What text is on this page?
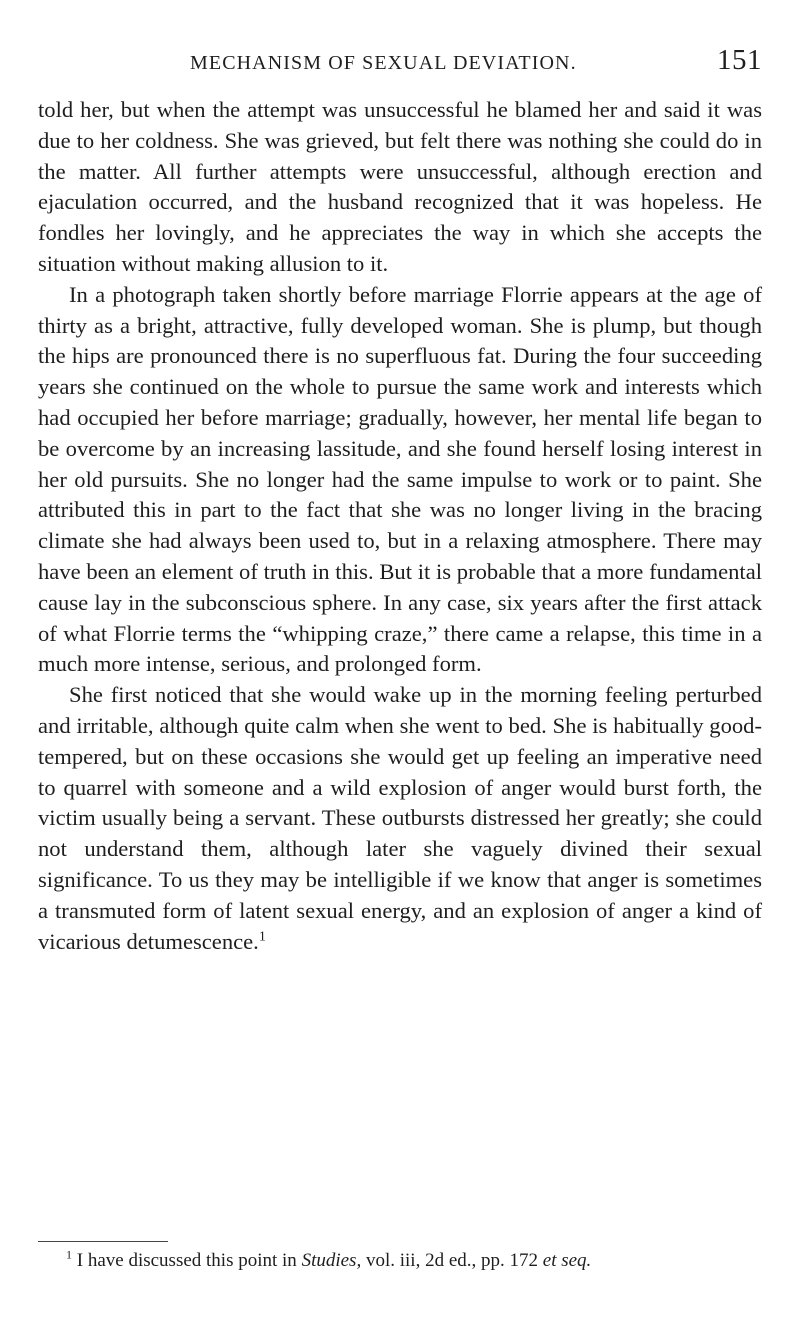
MECHANISM OF SEXUAL DEVIATION.	151

told her, but when the attempt was unsuccessful he blamed her and said it was due to her coldness. She was grieved, but felt there was nothing she could do in the matter. All further attempts were unsuccessful, although erection and ejaculation occurred, and the husband recognized that it was hopeless. He fondles her lovingly, and he appreciates the way in which she accepts the situation without making allusion to it.

In a photograph taken shortly before marriage Florrie appears at the age of thirty as a bright, attractive, fully developed woman. She is plump, but though the hips are pronounced there is no superfluous fat. During the four succeeding years she continued on the whole to pursue the same work and interests which had occupied her before marriage; gradually, however, her mental life began to be overcome by an increasing lassitude, and she found herself losing interest in her old pursuits. She no longer had the same impulse to work or to paint. She attributed this in part to the fact that she was no longer living in the bracing climate she had always been used to, but in a relaxing atmosphere. There may have been an element of truth in this. But it is probable that a more fundamental cause lay in the subconscious sphere. In any case, six years after the first attack of what Florrie terms the “whipping craze,” there came a relapse, this time in a much more intense, serious, and prolonged form.

She first noticed that she would wake up in the morning feeling perturbed and irritable, although quite calm when she went to bed. She is habitually good-tempered, but on these occasions she would get up feeling an imperative need to quarrel with someone and a wild explosion of anger would burst forth, the victim usually being a servant. These outbursts distressed her greatly; she could not understand them, although later she vaguely divined their sexual significance. To us they may be intelligible if we know that anger is sometimes a transmuted form of latent sexual energy, and an explosion of anger a kind of vicarious detumescence.$^1$

$^1$ I have discussed this point in Studies, vol. iii, 2d ed., pp. 172 et seq.
